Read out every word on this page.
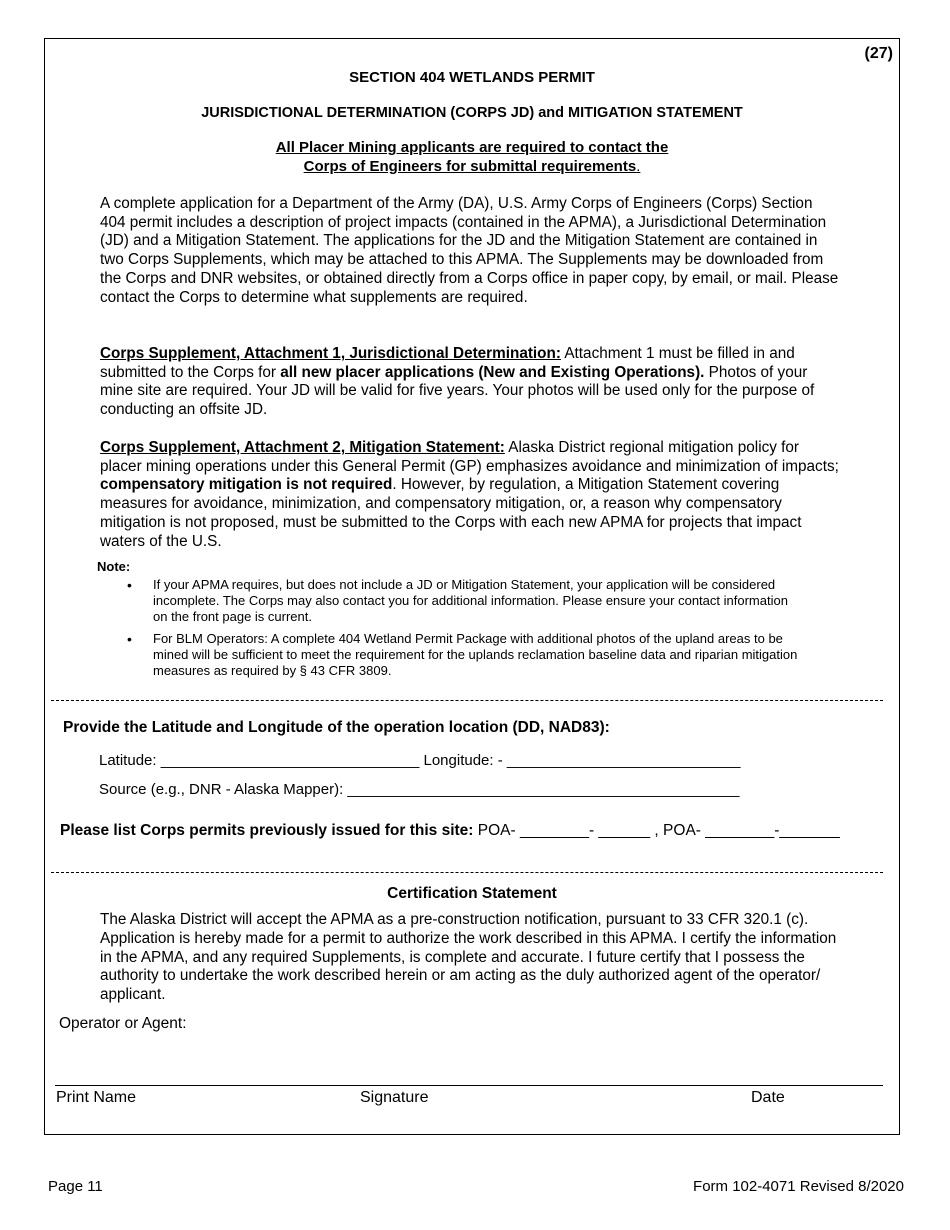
(27)
SECTION 404 WETLANDS PERMIT
JURISDICTIONAL DETERMINATION (CORPS JD) and MITIGATION STATEMENT
All Placer Mining applicants are required to contact the
Corps of Engineers for submittal requirements.

A complete application for a Department of the Army (DA), U.S. Army Corps of Engineers (Corps) Section 404 permit includes a description of project impacts (contained in the APMA), a Jurisdictional Determination (JD) and a Mitigation Statement. The applications for the JD and the Mitigation Statement are contained in two Corps Supplements, which may be attached to this APMA. The Supplements may be downloaded from the Corps and DNR websites, or obtained directly from a Corps office in paper copy, by email, or mail. Please contact the Corps to determine what supplements are required.

Corps Supplement, Attachment 1, Jurisdictional Determination: Attachment 1 must be filled in and submitted to the Corps for all new placer applications (New and Existing Operations). Photos of your mine site are required. Your JD will be valid for five years. Your photos will be used only for the purpose of conducting an offsite JD.

Corps Supplement, Attachment 2, Mitigation Statement: Alaska District regional mitigation policy for placer mining operations under this General Permit (GP) emphasizes avoidance and minimization of impacts; compensatory mitigation is not required. However, by regulation, a Mitigation Statement covering measures for avoidance, minimization, and compensatory mitigation, or, a reason why compensatory mitigation is not proposed, must be submitted to the Corps with each new APMA for projects that impact waters of the U.S.

Note:
• If your APMA requires, but does not include a JD or Mitigation Statement, your application will be considered incomplete. The Corps may also contact you for additional information. Please ensure your contact information on the front page is current.
• For BLM Operators: A complete 404 Wetland Permit Package with additional photos of the upland areas to be mined will be sufficient to meet the requirement for the uplands reclamation baseline data and riparian mitigation measures as required by § 43 CFR 3809.
Provide the Latitude and Longitude of the operation location (DD, NAD83):
Latitude: _______________________________ Longitude: - ____________________________
Source (e.g., DNR - Alaska Mapper): _______________________________________________
Please list Corps permits previously issued for this site: POA- ________- ______ , POA- ________-_______
Certification Statement

The Alaska District will accept the APMA as a pre-construction notification, pursuant to 33 CFR 320.1 (c). Application is hereby made for a permit to authorize the work described in this APMA. I certify the information in the APMA, and any required Supplements, is complete and accurate. I future certify that I possess the authority to undertake the work described herein or am acting as the duly authorized agent of the operator/ applicant.

Operator or Agent:
Print Name	Signature	Date
Page 11	Form 102-4071 Revised 8/2020
